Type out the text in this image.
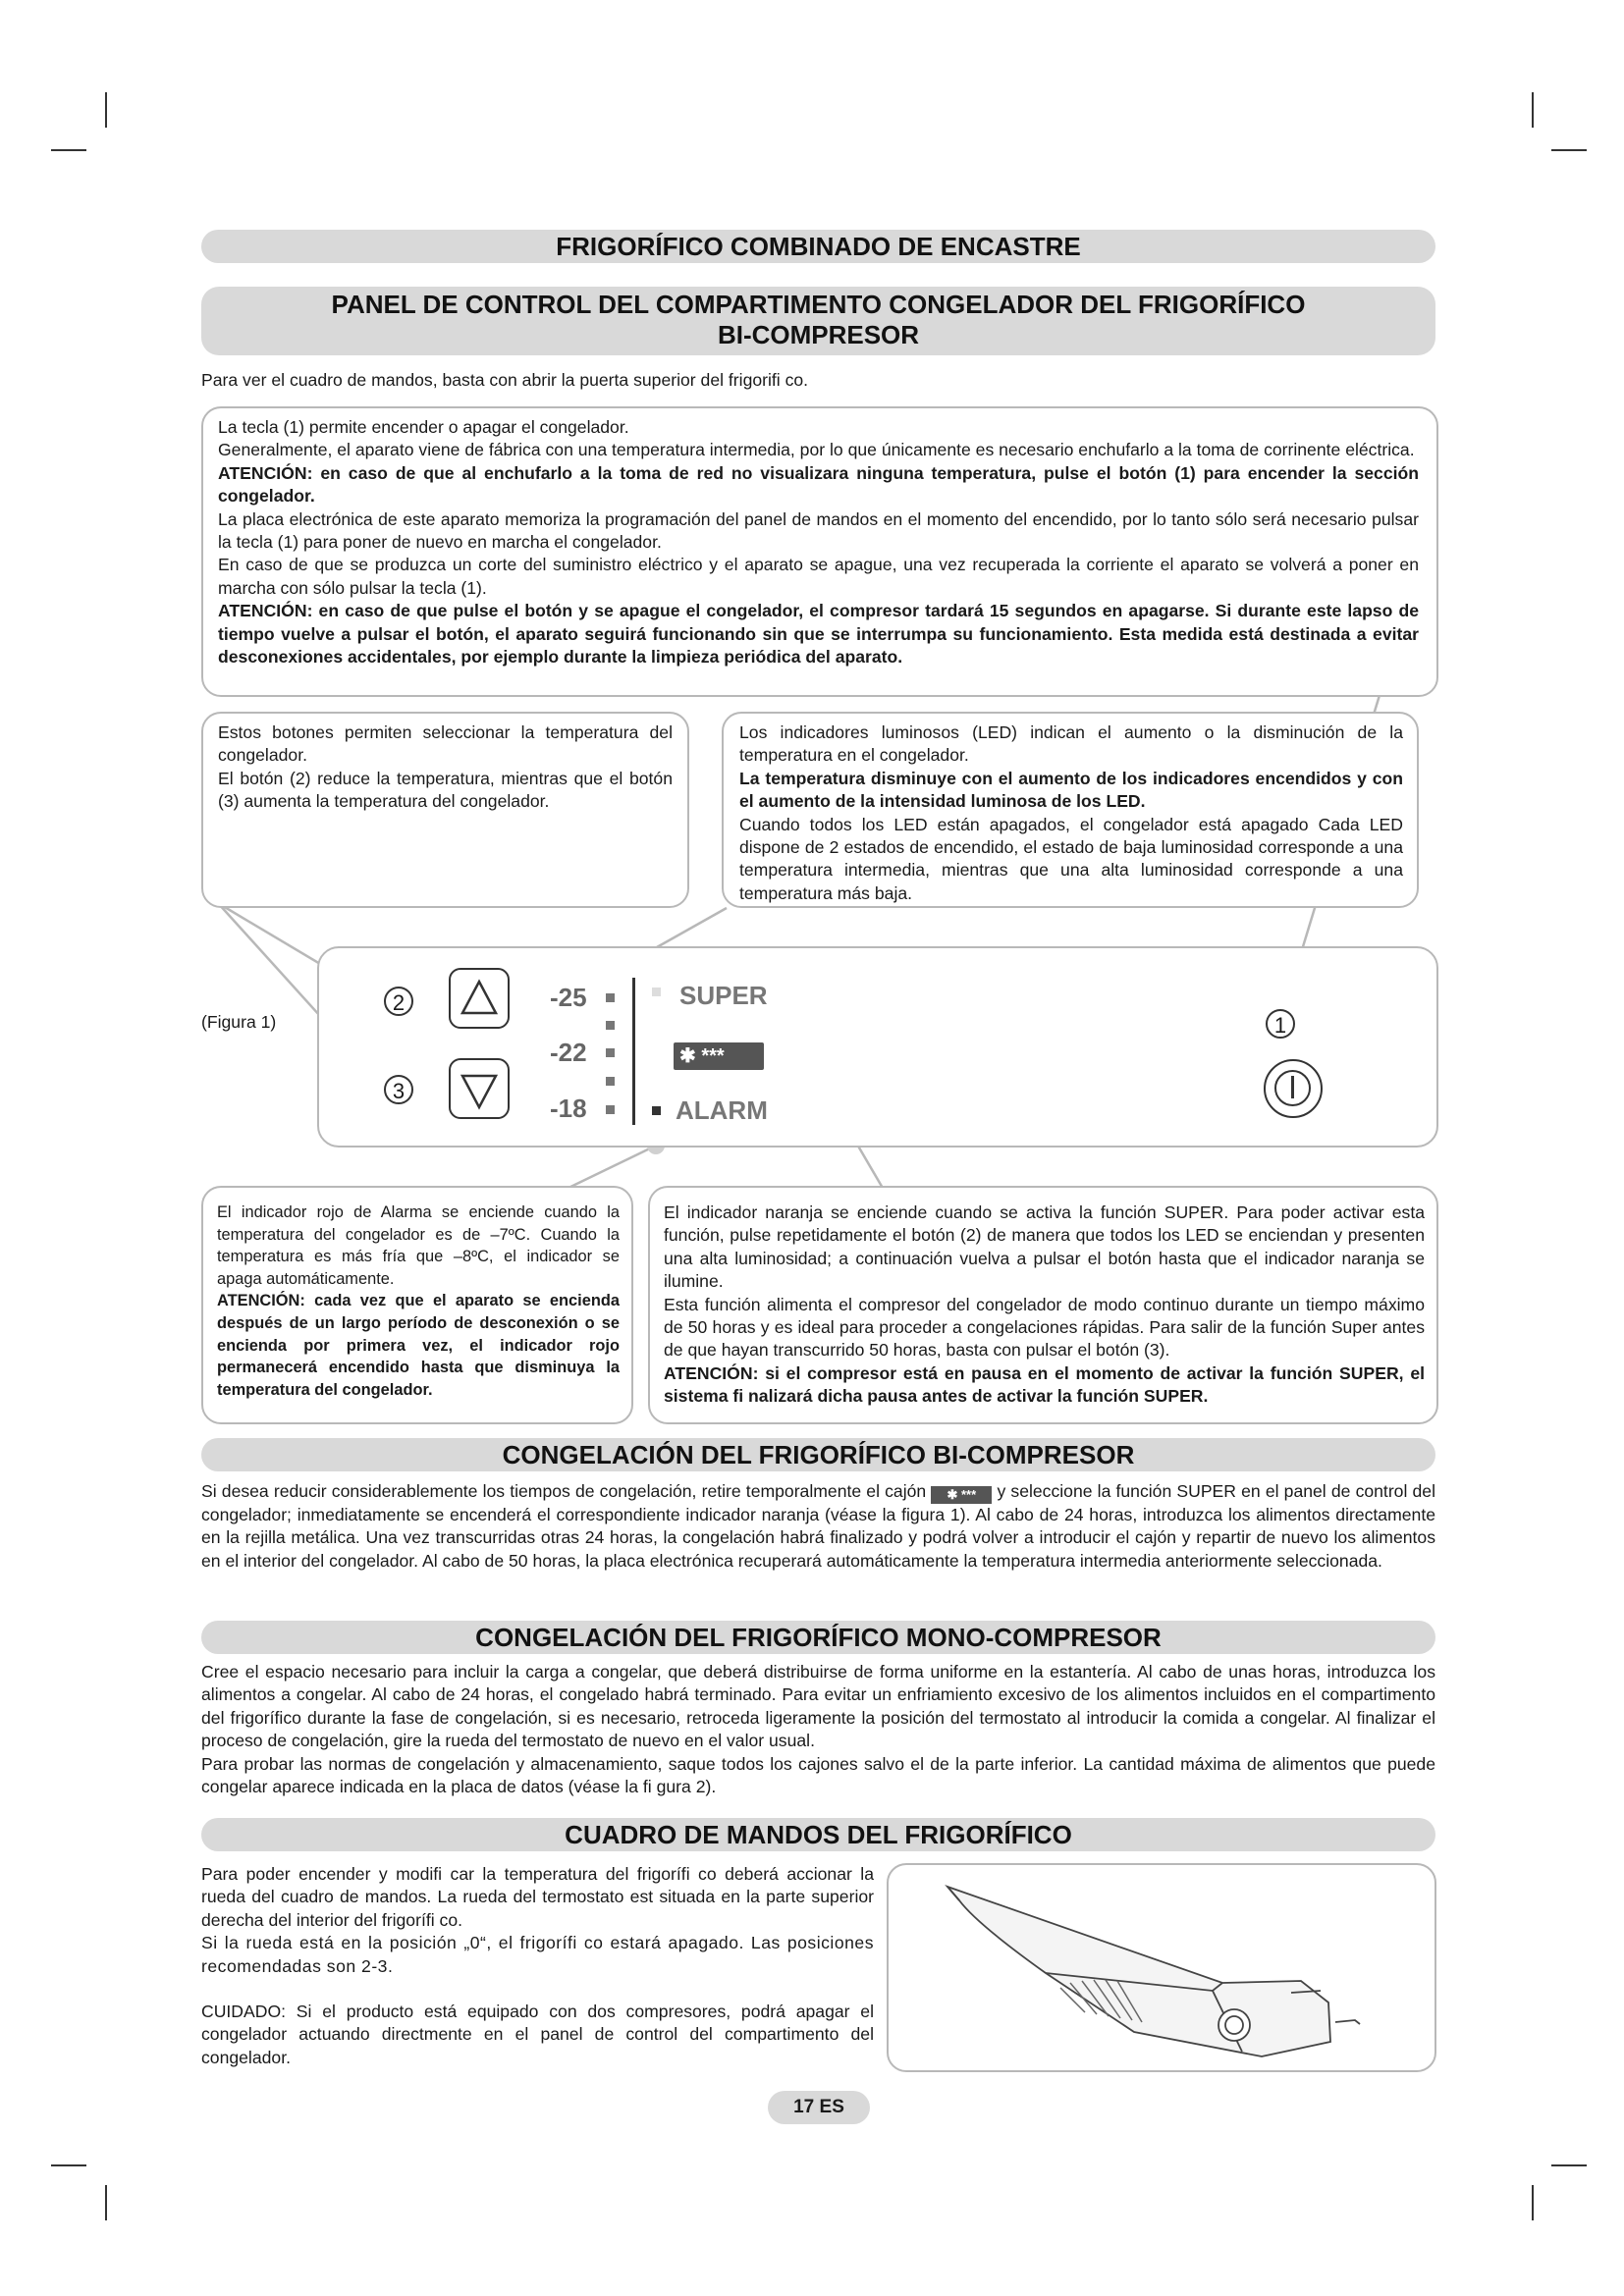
FRIGORÍFICO COMBINADO DE ENCASTRE
PANEL DE CONTROL DEL COMPARTIMENTO CONGELADOR DEL FRIGORÍFICO
BI-COMPRESOR
Para ver el cuadro de mandos, basta con abrir la puerta superior del frigorifi co.

La tecla (1) permite encender o apagar el congelador.

Generalmente, el aparato viene de fábrica con una temperatura intermedia, por lo que únicamente es necesario enchufarlo a la toma de corrinente eléctrica.

ATENCIÓN: en caso de que al enchufarlo a la toma de red no visualizara ninguna temperatura, pulse el botón (1) para encender la sección congelador.

La placa electrónica de este aparato memoriza la programación del panel de mandos en el momento del encendido, por lo tanto sólo será necesario pulsar la tecla (1) para poner de nuevo en marcha el congelador.

En caso de que se produzca un corte del suministro eléctrico y el aparato se apague, una vez recuperada la corriente el aparato se volverá a poner en marcha con sólo pulsar la tecla (1).

ATENCIÓN: en caso de que pulse el botón y se apague el congelador, el compresor tardará 15 segundos en apagarse. Si durante este lapso de tiempo vuelve a pulsar el botón, el aparato seguirá funcionando sin que se interrumpa su funcionamiento. Esta medida está destinada a evitar desconexiones accidentales, por ejemplo durante la limpieza periódica del aparato.

Estos botones permiten seleccionar la temperatura del congelador.

El botón (2) reduce la temperatura, mientras que el botón (3) aumenta la temperatura del congelador.

Los indicadores luminosos (LED) indican el aumento o la disminución de la temperatura en el congelador.

La temperatura disminuye con el aumento de los indicadores encendidos y con el aumento de la intensidad luminosa de los LED.

Cuando todos los LED están apagados, el congelador está apagado Cada LED dispone de 2 estados de encendido, el estado de baja luminosidad corresponde a una temperatura intermedia, mientras que una alta luminosidad corresponde a una temperatura más baja.

(Figura 1)
2
3
1
-25
-22
-18
SUPER
✱ ***
ALARM

El indicador rojo de Alarma se enciende cuando la temperatura del congelador es de –7ºC. Cuando la temperatura es más fría que –8ºC, el indicador se apaga automáticamente.

ATENCIÓN: cada vez que el aparato se encienda después de un largo período de desconexión o se encienda por primera vez, el indicador rojo permanecerá encendido hasta que disminuya la temperatura del congelador.

El indicador naranja se enciende cuando se activa la función SUPER. Para poder activar esta función, pulse repetidamente el botón (2) de manera que todos los LED se enciendan y presenten una alta luminosidad; a continuación vuelva a pulsar el botón hasta que el indicador naranja se ilumine.

Esta función alimenta el compresor del congelador de modo continuo durante un tiempo máximo de 50 horas y es ideal para proceder a congelaciones rápidas. Para salir de la función Super antes de que hayan transcurrido 50 horas, basta con pulsar el botón (3).

ATENCIÓN: si el compresor está en pausa en el momento de activar la función SUPER, el sistema fi nalizará dicha pausa antes de activar la función SUPER.

CONGELACIÓN DEL FRIGORÍFICO BI-COMPRESOR
Si desea reducir considerablemente los tiempos de congelación, retire temporalmente el cajón ✱ *** y seleccione la función SUPER en el panel de control del congelador; inmediatamente se encenderá el correspondiente indicador naranja (véase la figura 1). Al cabo de 24 horas, introduzca los alimentos directamente en la rejilla metálica. Una vez transcurridas otras 24 horas, la congelación habrá finalizado y podrá volver a introducir el cajón y repartir de nuevo los alimentos en el interior del congelador. Al cabo de 50 horas, la placa electrónica recuperará automáticamente la temperatura intermedia anteriormente seleccionada.
CONGELACIÓN DEL FRIGORÍFICO MONO-COMPRESOR

Cree el espacio necesario para incluir la carga a congelar, que deberá distribuirse de forma uniforme en la estantería. Al cabo de unas horas, introduzca los alimentos a congelar. Al cabo de 24 horas, el congelado habrá terminado. Para evitar un enfriamiento excesivo de los alimentos incluidos en el compartimento del frigorífico durante la fase de congelación, si es necesario, retroceda ligeramente la posición del termostato al introducir la comida a congelar. Al finalizar el proceso de congelación, gire la rueda del termostato de nuevo en el valor usual.

Para probar las normas de congelación y almacenamiento, saque todos los cajones salvo el de la parte inferior. La cantidad máxima de alimentos que puede congelar aparece indicada en la placa de datos (véase la fi gura 2).

CUADRO DE MANDOS DEL FRIGORÍFICO

Para poder encender y modifi car la temperatura del frigorífi co deberá accionar la rueda del cuadro de mandos. La rueda del termostato est situada en la parte superior derecha del interior del frigorífi co.

Si la rueda está en la posición „0“, el frigorífi co estará apagado. Las posiciones recomendadas son 2-3.

CUIDADO: Si el producto está equipado con dos compresores, podrá apagar el congelador actuando directmente en el panel de control del compartimento del congelador.

17 ES
